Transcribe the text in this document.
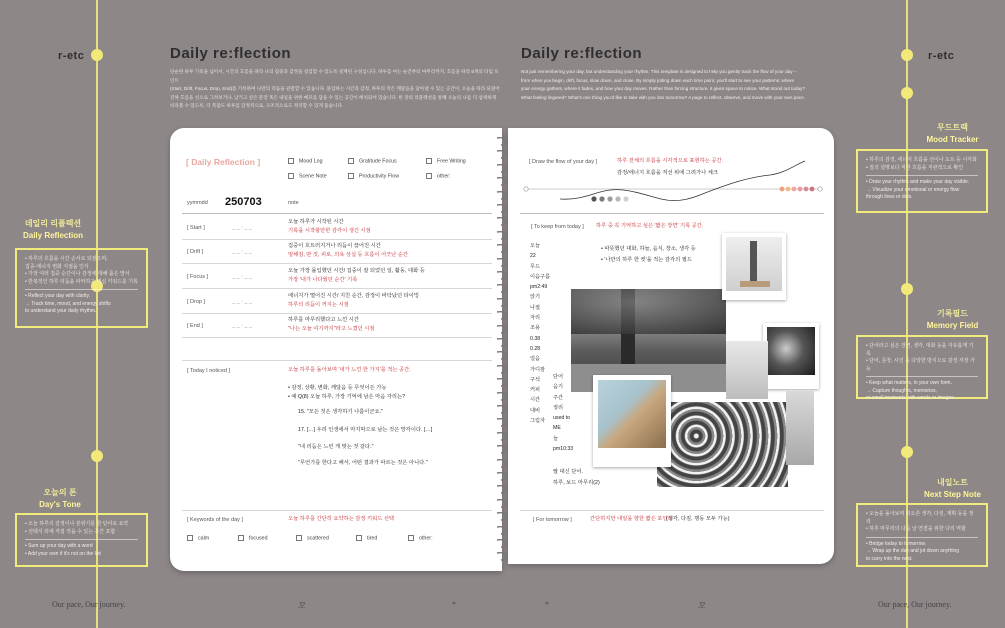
r-etc	r-etc
Daily re:flection
단순한 하루 기록을 넘어서, 시간의 흐름을 따라 나의 집중과 감정을 점검할 수 있도록 설계된 구성입니다. 하루를 여는 순간부터 마무리까지, 흐름을 따라 5개의 타임 포인트
(Start, Drift, Focus, Drop, End)를 기록하며 나만의 리듬을 관찰할 수 있습니다. 몰입하는 시간과 감정, 하루의 작은 깨달음을 담아낼 수 있는 공간이, 오늘을 따라 되짚어
진짜 흐름을 선으로 그려보거나, 남기고 싶은 문장 혹은 내일을 위한 메모를 담을 수 있는 공간이 배치되어 있습니다. 한 장의 리플렉션을 통해 오늘의 나를 더 섬세하게
바라볼 수 있도록, 더 복잡도 하루를 감정적으로, 구조적으로도 정리할 수 있게 돕습니다.
Daily re:flection
Not just remembering your day, but understanding your rhythm. This template is designed to help you gently track the flow of your day –
from when you begin, drift, focus, slow down, and close. By simply jotting down each time point, you'll start to see your patterns: where
your energy gathers, where it fades, and how your day moves. Rather than forcing structure, it gives space to notice. What stood out today?
What feeling lingered? What's one thing you'd like to take with you into tomorrow? A page to reflect, observe, and move with your own pace.
데일리 리플렉션
Daily Reflection
• 하루의 흐름을 시간 순서로 되짚으며,
집중·에너지 변화 지점을 인식
• 가장 여러 집중 순간이나 감정에 대해 품은 망서
• 반복적인 하루 리듬을 파악하고 핵심 키워드를 기록
• Reflect your day with clarity.
→ Track time, mood, and energy shifts
to understand your daily rhythm.
오늘의 톤
Day's Tone
• 오늘 하루의 감정이나 분위기를 한 단어로 요약
• 선택지 외에 직접 적을 수 있는 공간 포함
• Sum up your day with a word
• Add your own if it's not on the list
무드트랙
Mood Tracker
• 하루의 감정, 에너지 흐름을 선이나 도트 등 시각화
• 질의 설명보다 직관 흐름을 직관적으로 확인
• Draw your rhythm and make your day visible.
→ Visualize your emotional or energy flow
through lines or dots.
기록필드
Memory Field
• 단어라고 싶은 장면, 생각, 대화 등을 자유롭게 기록
• 단어, 문장, 사진 등 다양한 방식으로 감정 저장 가능
• Keep what matters, in your own form.
→ Capture thoughts, memories,
or small moments with words or images.
내일노트
Next Step Note
• 오늘을 돌아보며 떠오른 생각, 다짐, 계획 등을 정리
• 하루 마무리의 다음 날 연결을 위한 다리 역할
• Bridge today to tomorrow.
→ Wrap up the day and jot down anything
to carry into the next.
Our pace, Our journey.	Our pace, Our journey.
꼬	*	*	꼬
[ Daily Reflection ]	Mood Log	Gratitude Focus	Free Writing
Scene Note	Productivity Flow	other:
yymmdd 250703	note
[ Start ]	_ _ : _ _
오늘 하루가 시작된 시간
기록을 시작할만한 감각이 생긴 시점
[ Drift ]	_ _ : _ _
집중이 흐트러지거나 리듬이 끊어진 시간
멍해짐, 딴 짓, 피로, 의욕 상실 등 흐름이 어긋난 순간
[ Focus ]	_ _ : _ _
오늘 가장 몰입했던 시간/ 집중이 잘 되었던 일, 활동, 대화 등
가장 '내가 나다웠던 순간' 기록
[ Drop ]	_ _ : _ _
에너지가 떨어진 시간/ 지친 순간, 감정이 바닥났던 타이밍
하루의 리듬이 꺼지는 시점
[ End ]	_ _ : _ _
하루를 마무리했다고 느낀 시간
"나는 오늘 여기까지"라고 느꼈던 시점
[ Today I noticed ]	오늘 하루를 돌아보며 '내가 느낀 한 가지'를 적는 공간.
• 감정, 상황, 변화, 깨달음 등 무엇이든 가능
• 예 Q(8) 오늘 하루, 가장 기억에 남은 마음 자리는?
15. "모든 것은 생각하기 나름이군요."
17. […] 우리 인생에서 마지막으로 남는 것은 망각이다. […]
"내 리듬은 느린 게 맞는 것 같다."
"무언가를 한다고 해서, 어떤 결과가 따르는 것은 아니다."
[ Keywords of the day ]	오늘 하루를 간단히 요약하는 감정 키워드 선택
calm	focused	scattered	tired	other:
[ Draw the flow of your day ]	하루 전체의 흐름을 시각적으로 표현하는 공간.
감정/에너지 흐름을 직선 위에 그려가나 체크
[ To keep from today ] 하루 중 꼭 기억하고 싶은 '짧은 장면' 기록 공간.
• 따뜻했던 대화, 하늘, 음식, 장소, 생각 등
• '나만의 하루 한 컷'을 적는 감각의 필드
오늘
22
무드
이음구름
pm2:49
앉기
나절
자리
조용
0.38
0.28
얼음
가디잠
구석
커피
시간
대비
그림자
단어
음기
주간
정리
used to
ME
늘
pm10:33
딸 대신 단어.
하루, 보드 마무리(2)
[ For tomorrow ]	간단하지만 내일을 향한 짧은 포인트
(생각, 다짐, 행동 모두 가능)
